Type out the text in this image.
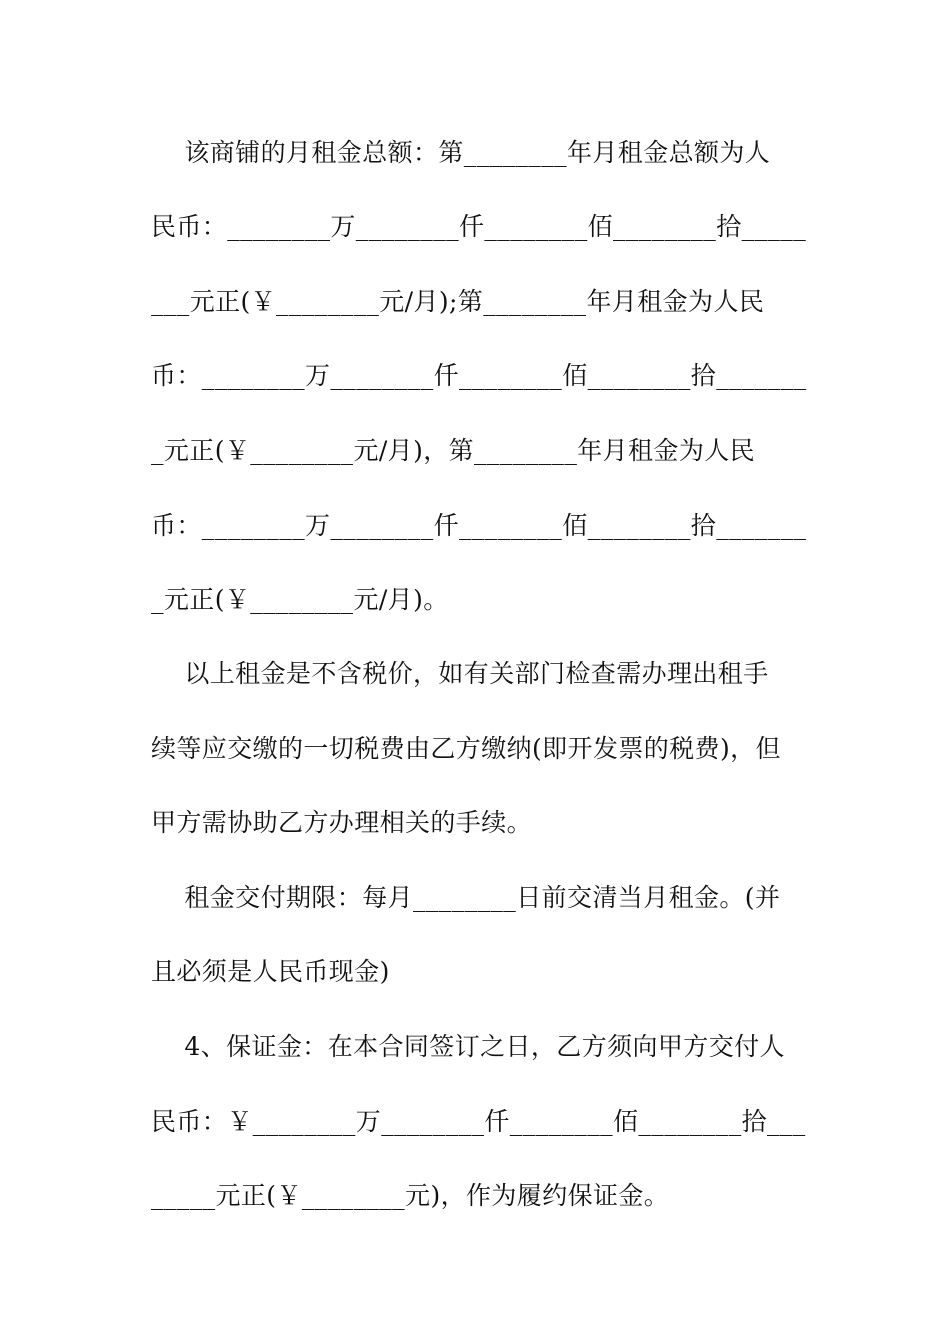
该商铺的月租金总额：第________年月租金总额为人
民币：________万________仟________佰________拾_____
___元正(￥________元/月);第________年月租金为人民
币：________万________仟________佰________拾_______
_元正(￥________元/月)，第________年月租金为人民
币：________万________仟________佰________拾_______
_元正(￥________元/月)。
以上租金是不含税价，如有关部门检查需办理出租手
续等应交缴的一切税费由乙方缴纳(即开发票的税费)，但
甲方需协助乙方办理相关的手续。
租金交付期限：每月________日前交清当月租金。(并
且必须是人民币现金)
4、保证金：在本合同签订之日，乙方须向甲方交付人
民币：￥________万________仟________佰________拾___
_____元正(￥________元)，作为履约保证金。
